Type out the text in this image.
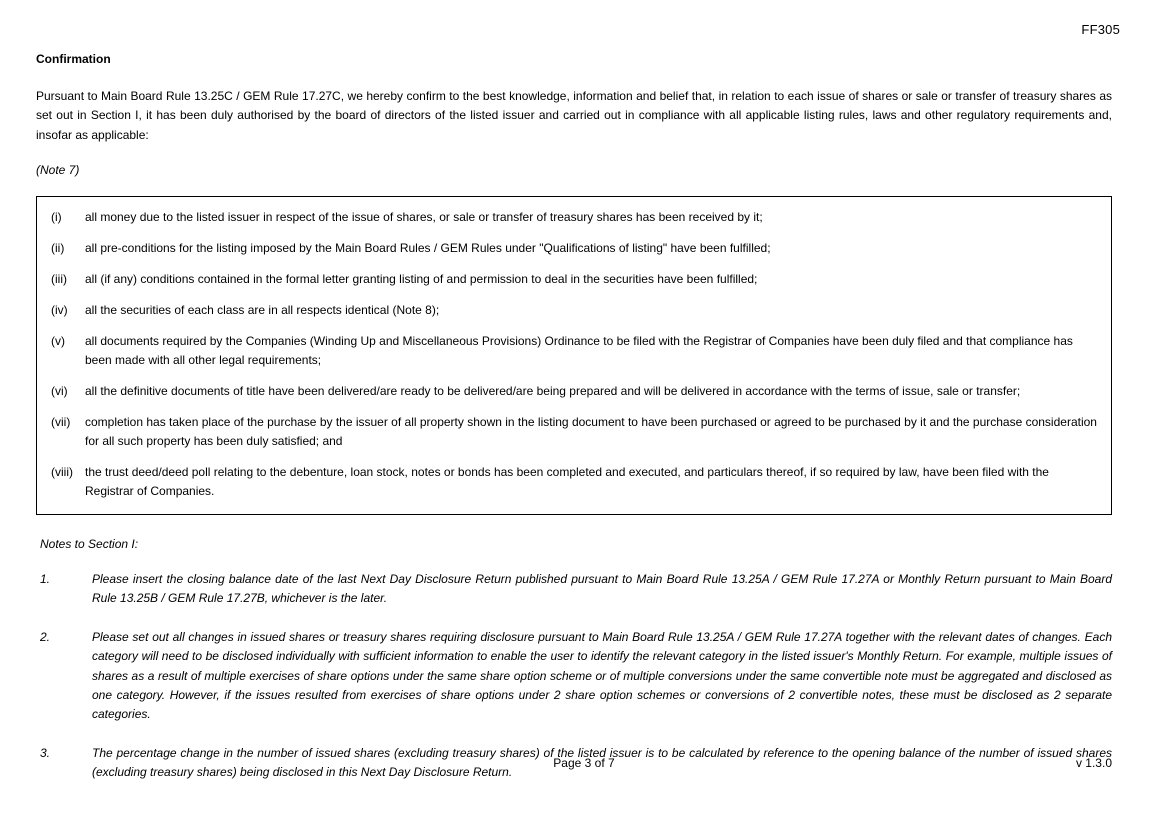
FF305
Confirmation
Pursuant to Main Board Rule 13.25C / GEM Rule 17.27C, we hereby confirm to the best knowledge, information and belief that, in relation to each issue of shares or sale or transfer of treasury shares as set out in Section I, it has been duly authorised by the board of directors of the listed issuer and carried out in compliance with all applicable listing rules, laws and other regulatory requirements and, insofar as applicable:
(Note 7)
(i)	all money due to the listed issuer in respect of the issue of shares, or sale or transfer of treasury shares has been received by it;
(ii)	all pre-conditions for the listing imposed by the Main Board Rules / GEM Rules under "Qualifications of listing" have been fulfilled;
(iii)	all (if any) conditions contained in the formal letter granting listing of and permission to deal in the securities have been fulfilled;
(iv)	all the securities of each class are in all respects identical (Note 8);
(v)	all documents required by the Companies (Winding Up and Miscellaneous Provisions) Ordinance to be filed with the Registrar of Companies have been duly filed and that compliance has been made with all other legal requirements;
(vi)	all the definitive documents of title have been delivered/are ready to be delivered/are being prepared and will be delivered in accordance with the terms of issue, sale or transfer;
(vii)	completion has taken place of the purchase by the issuer of all property shown in the listing document to have been purchased or agreed to be purchased by it and the purchase consideration for all such property has been duly satisfied; and
(viii)	the trust deed/deed poll relating to the debenture, loan stock, notes or bonds has been completed and executed, and particulars thereof, if so required by law, have been filed with the Registrar of Companies.
Notes to Section I:
1.	Please insert the closing balance date of the last Next Day Disclosure Return published pursuant to Main Board Rule 13.25A / GEM Rule 17.27A or Monthly Return pursuant to Main Board Rule 13.25B / GEM Rule 17.27B, whichever is the later.
2.	Please set out all changes in issued shares or treasury shares requiring disclosure pursuant to Main Board Rule 13.25A / GEM Rule 17.27A together with the relevant dates of changes. Each category will need to be disclosed individually with sufficient information to enable the user to identify the relevant category in the listed issuer's Monthly Return. For example, multiple issues of shares as a result of multiple exercises of share options under the same share option scheme or of multiple conversions under the same convertible note must be aggregated and disclosed as one category. However, if the issues resulted from exercises of share options under 2 share option schemes or conversions of 2 convertible notes, these must be disclosed as 2 separate categories.
3.	The percentage change in the number of issued shares (excluding treasury shares) of the listed issuer is to be calculated by reference to the opening balance of the number of issued shares (excluding treasury shares) being disclosed in this Next Day Disclosure Return.
Page 3 of 7	v 1.3.0
